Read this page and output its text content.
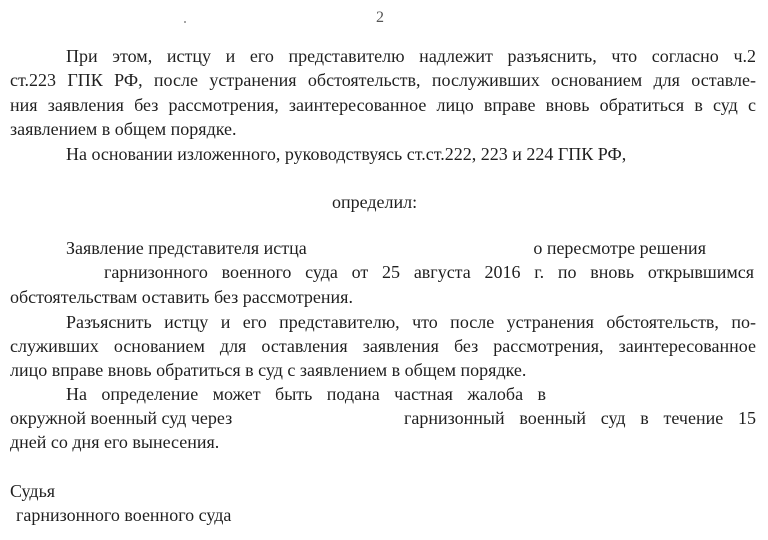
2
При этом, истцу и его представителю надлежит разъяснить, что согласно ч.2
ст.223 ГПК РФ, после устранения обстоятельств, послуживших основанием для оставле-
ния заявления без рассмотрения, заинтересованное лицо вправе вновь обратиться в суд с
заявлением в общем порядке.
На основании изложенного, руководствуясь ст.ст.222, 223 и 224 ГПК РФ,
определил:
Заявление представителя истца	о пересмотре решения
гарнизонного военного суда от 25 августа 2016 г. по вновь открывшимся
обстоятельствам оставить без рассмотрения.
Разъяснить истцу и его представителю, что после устранения обстоятельств, по-
служивших основанием для оставления заявления без рассмотрения, заинтересованное
лицо вправе вновь обратиться в суд с заявлением в общем порядке.
На определение может быть подана частная жалоба в
окружной военный суд через	гарнизонный военный суд в течение 15
дней со дня его вынесения.
Судья
гарнизонного военного суда
